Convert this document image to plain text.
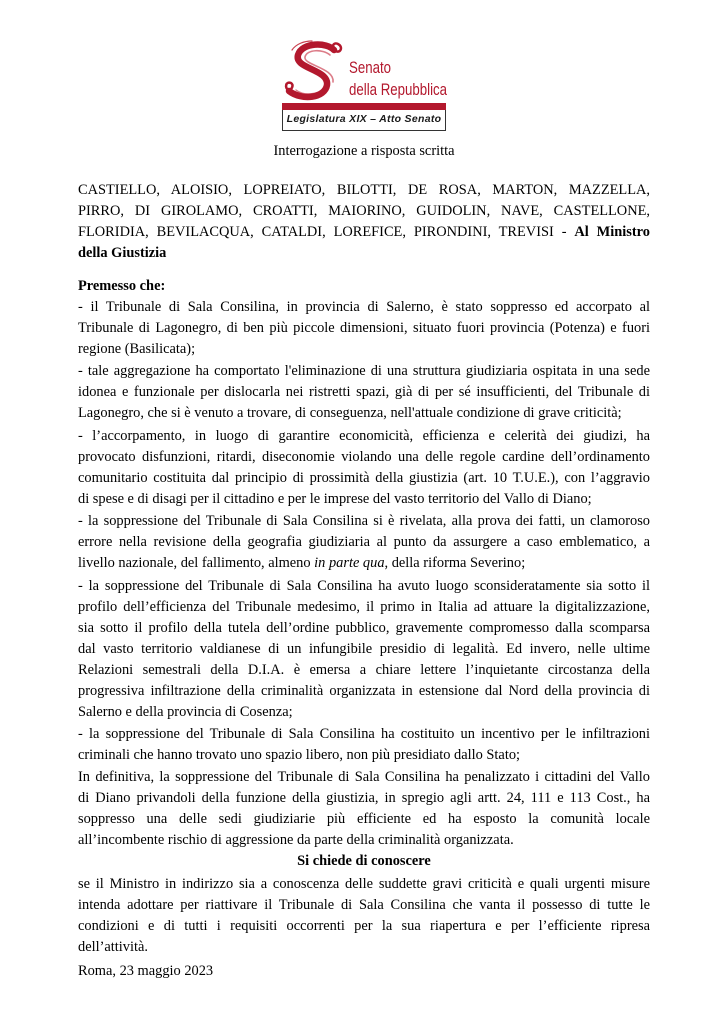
Senato
della Repubblica
Legislatura XIX – Atto Senato
Interrogazione a risposta scritta
CASTIELLO, ALOISIO, LOPREIATO, BILOTTI, DE ROSA, MARTON, MAZZELLA,
PIRRO, DI GIROLAMO, CROATTI, MAIORINO, GUIDOLIN, NAVE, CASTELLONE,
FLORIDIA, BEVILACQUA, CATALDI, LOREFICE, PIRONDINI, TREVISI - Al Ministro
della Giustizia
Premesso che:
- il Tribunale di Sala Consilina, in provincia di Salerno, è stato soppresso ed accorpato al
Tribunale di Lagonegro, di ben più piccole dimensioni, situato fuori provincia (Potenza) e fuori
regione (Basilicata);
- tale aggregazione ha comportato l'eliminazione di una struttura giudiziaria ospitata in una sede
idonea e funzionale per dislocarla nei ristretti spazi, già di per sé insufficienti, del Tribunale di
Lagonegro, che si è venuto a trovare, di conseguenza, nell'attuale condizione di grave criticità;
- l’accorpamento, in luogo di garantire economicità, efficienza e celerità dei giudizi, ha
provocato disfunzioni, ritardi, diseconomie violando una delle regole cardine dell’ordinamento
comunitario costituita dal principio di prossimità della giustizia (art. 10 T.U.E.), con l’aggravio
di spese e di disagi per il cittadino e per le imprese del vasto territorio del Vallo di Diano;
- la soppressione del Tribunale di Sala Consilina si è rivelata, alla prova dei fatti, un clamoroso
errore nella revisione della geografia giudiziaria al punto da assurgere a caso emblematico, a
livello nazionale, del fallimento, almeno in parte qua, della riforma Severino;
- la soppressione del Tribunale di Sala Consilina ha avuto luogo sconsideratamente sia sotto il
profilo dell’efficienza del Tribunale medesimo, il primo in Italia ad attuare la digitalizzazione,
sia sotto il profilo della tutela dell’ordine pubblico, gravemente compromesso dalla scomparsa
dal vasto territorio valdianese di un infungibile presidio di legalità. Ed invero, nelle ultime
Relazioni semestrali della D.I.A. è emersa a chiare lettere l’inquietante circostanza della
progressiva infiltrazione della criminalità organizzata in estensione dal Nord della provincia di
Salerno e della provincia di Cosenza;
- la soppressione del Tribunale di Sala Consilina ha costituito un incentivo per le infiltrazioni
criminali che hanno trovato uno spazio libero, non più presidiato dallo Stato;
In definitiva, la soppressione del Tribunale di Sala Consilina ha penalizzato i cittadini del Vallo
di Diano privandoli della funzione della giustizia, in spregio agli artt. 24, 111 e 113 Cost., ha
soppresso una delle sedi giudiziarie più efficiente ed ha esposto la comunità locale
all’incombente rischio di aggressione da parte della criminalità organizzata.
Si chiede di conoscere
se il Ministro in indirizzo sia a conoscenza delle suddette gravi criticità e quali urgenti misure
intenda adottare per riattivare il Tribunale di Sala Consilina che vanta il possesso di tutte le
condizioni e di tutti i requisiti occorrenti per la sua riapertura e per l’efficiente ripresa
dell’attività.
Roma, 23 maggio 2023
